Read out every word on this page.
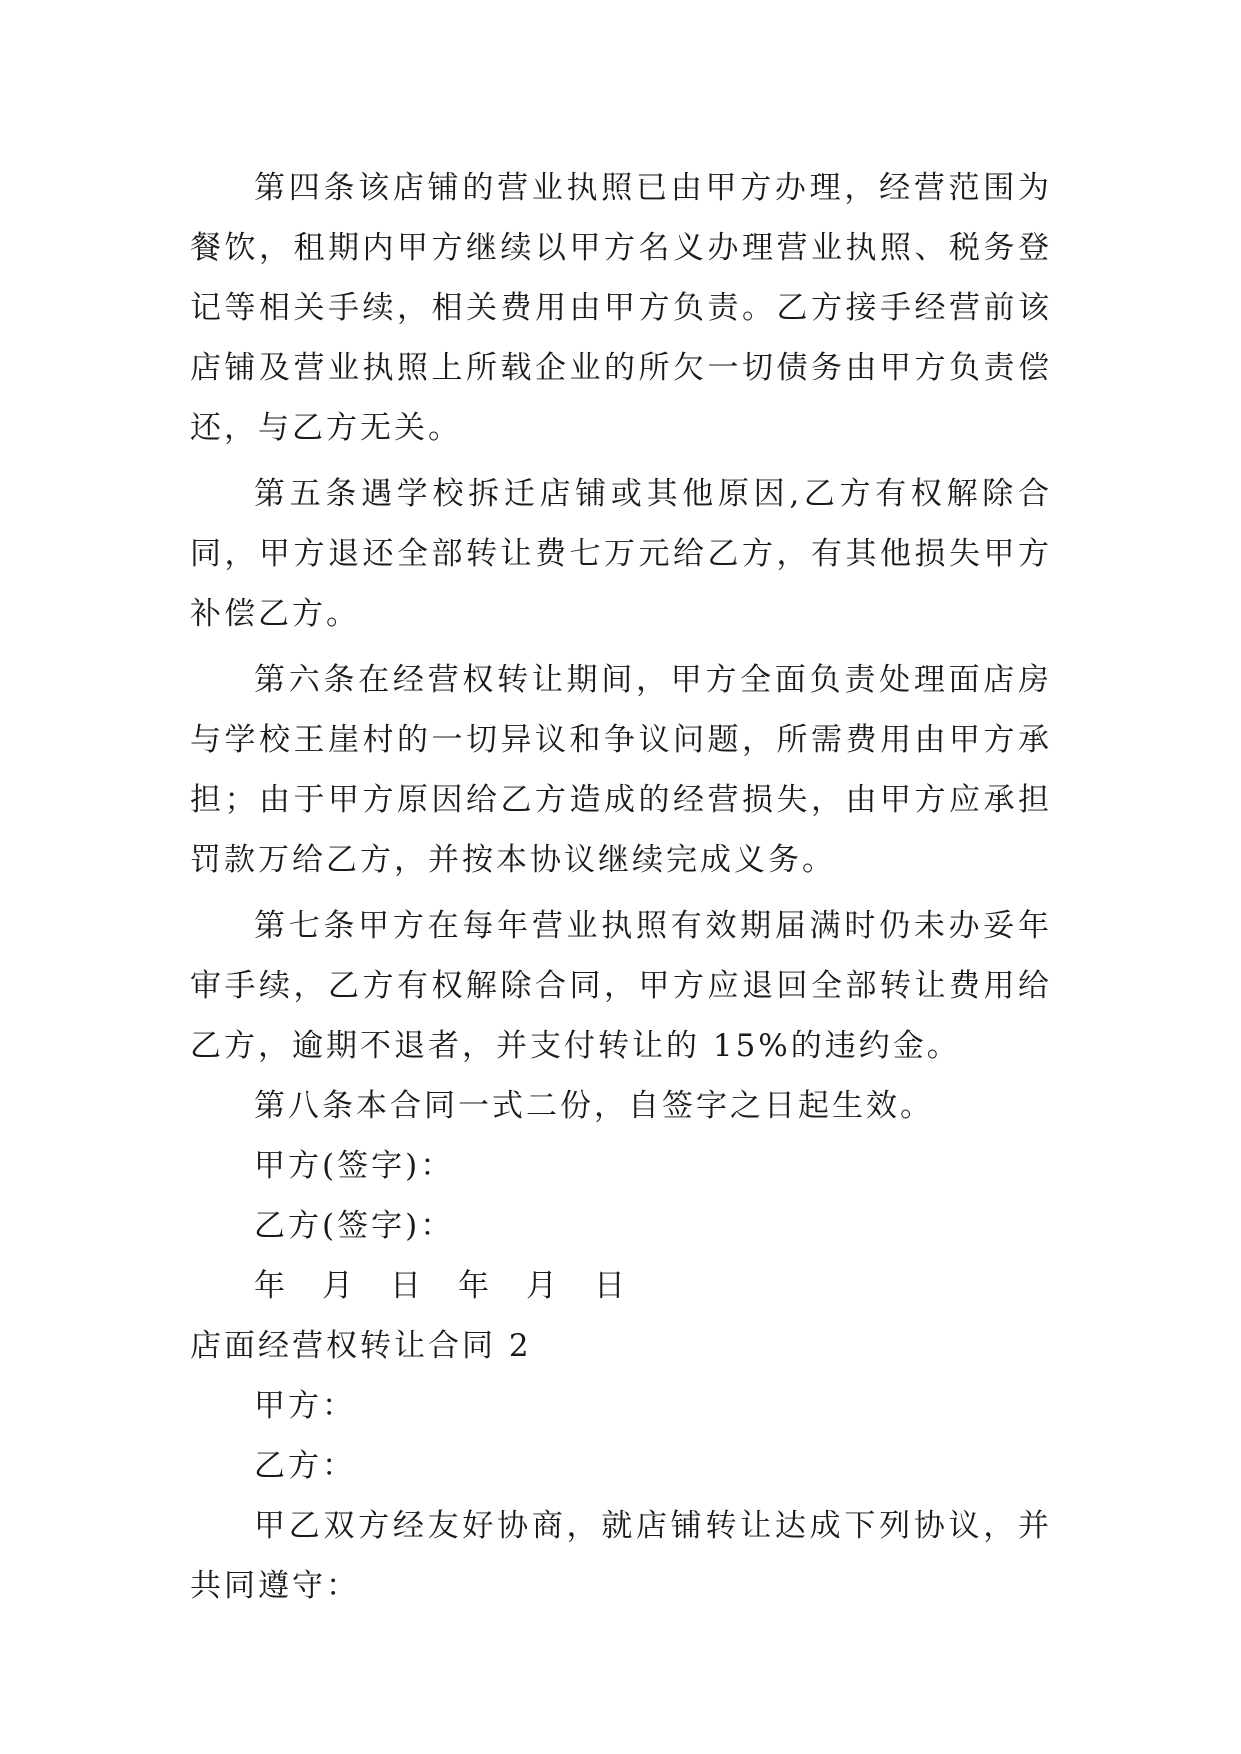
第四条该店铺的营业执照已由甲方办理，经营范围为餐饮，租期内甲方继续以甲方名义办理营业执照、税务登记等相关手续，相关费用由甲方负责。乙方接手经营前该店铺及营业执照上所载企业的所欠一切债务由甲方负责偿还，与乙方无关。

第五条遇学校拆迁店铺或其他原因,乙方有权解除合同，甲方退还全部转让费七万元给乙方，有其他损失甲方补偿乙方。

第六条在经营权转让期间，甲方全面负责处理面店房与学校王崖村的一切异议和争议问题，所需费用由甲方承担；由于甲方原因给乙方造成的经营损失，由甲方应承担罚款万给乙方，并按本协议继续完成义务。

第七条甲方在每年营业执照有效期届满时仍未办妥年审手续，乙方有权解除合同，甲方应退回全部转让费用给乙方，逾期不退者，并支付转让的 15%的违约金。

第八条本合同一式二份，自签字之日起生效。

甲方(签字)：

乙方(签字)：

年　月　日　年　月　日

店面经营权转让合同 2

甲方：

乙方：

甲乙双方经友好协商，就店铺转让达成下列协议，并共同遵守：
